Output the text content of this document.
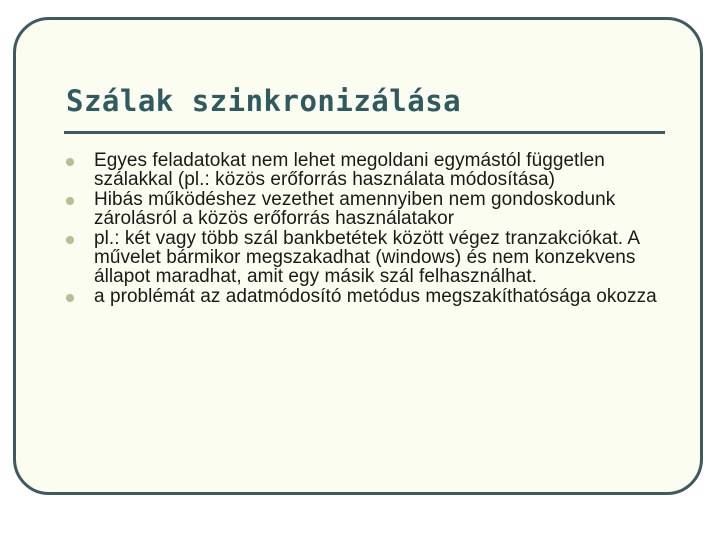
Szálak szinkronizálása
Egyes feladatokat nem lehet megoldani egymástól független szálakkal (pl.: közös erőforrás használata módosítása)
Hibás működéshez vezethet amennyiben nem gondoskodunk zárolásról a közös erőforrás használatakor
pl.: két vagy több szál bankbetétek között végez tranzakciókat. A művelet bármikor megszakadhat (windows) és nem konzekvens állapot maradhat, amit egy másik szál felhasználhat.
a problémát az adatmódosító metódus megszakíthatósága okozza
